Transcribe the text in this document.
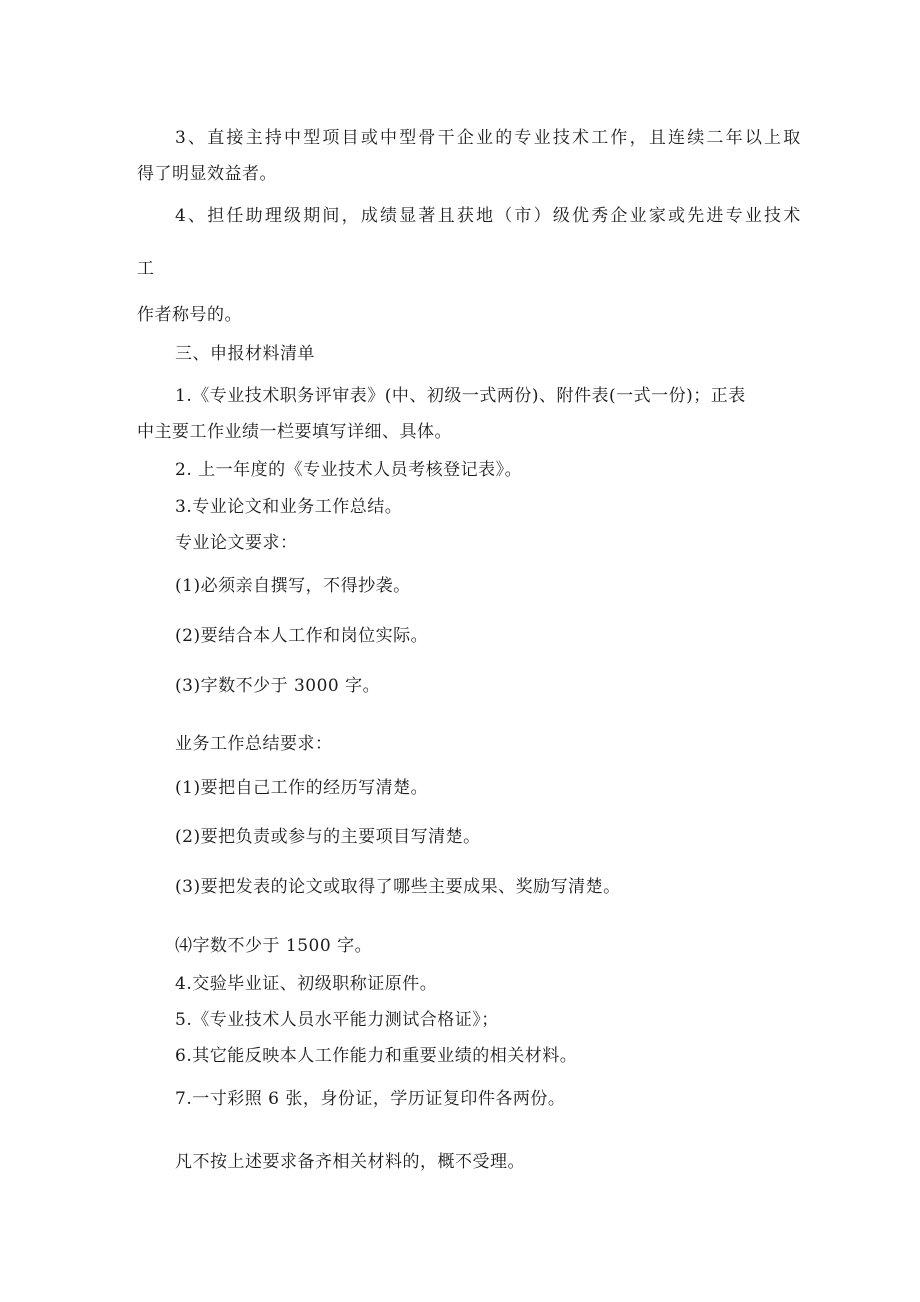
3、直接主持中型项目或中型骨干企业的专业技术工作，且连续二年以上取
得了明显效益者。
4、担任助理级期间，成绩显著且获地（市）级优秀企业家或先进专业技术
工
作者称号的。
三、申报材料清单
1.《专业技术职务评审表》(中、初级一式两份)、附件表(一式一份)；正表
中主要工作业绩一栏要填写详细、具体。
2. 上一年度的《专业技术人员考核登记表》。
3.专业论文和业务工作总结。
专业论文要求：
(1)必须亲自撰写，不得抄袭。
(2)要结合本人工作和岗位实际。
(3)字数不少于 3000 字。
业务工作总结要求：
(1)要把自己工作的经历写清楚。
(2)要把负责或参与的主要项目写清楚。
(3)要把发表的论文或取得了哪些主要成果、奖励写清楚。
⑷字数不少于 1500 字。
4.交验毕业证、初级职称证原件。
5.《专业技术人员水平能力测试合格证》；
6.其它能反映本人工作能力和重要业绩的相关材料。
7.一寸彩照 6 张，身份证，学历证复印件各两份。
凡不按上述要求备齐相关材料的，概不受理。
